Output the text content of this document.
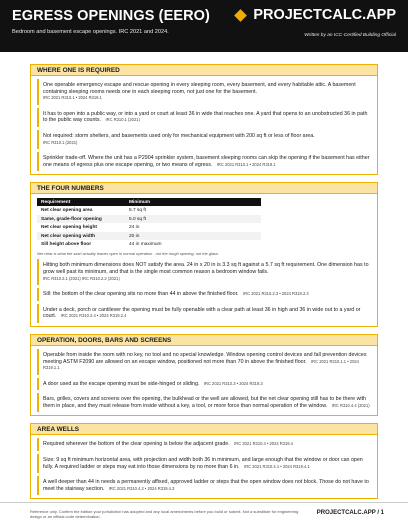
EGRESS OPENINGS (EERO)
Bedroom and basement escape openings. IRC 2021 and 2024.
PROJECTCALC.APP
Written by an ICC-Certified Building Official
WHERE ONE IS REQUIRED
One operable emergency escape and rescue opening in every sleeping room, every basement, and every habitable attic. A basement containing sleeping rooms needs one in each sleeping room, not just one for the basement.
IRC 2021 R310.1 • 2024 R319.1
It has to open into a public way, or into a yard or court at least 36 in wide that reaches one. A yard that opens to an unobstructed 36 in path to the public way counts. IRC R310.1 (2021)
Not required: storm shelters, and basements used only for mechanical equipment with 200 sq ft or less of floor area.
IRC R310.1 (2021)
Sprinkler trade-off. Where the unit has a P2904 sprinkler system, basement sleeping rooms can skip the opening if the basement has either one means of egress plus one escape opening, or two means of egress. IRC 2021 R310.1 • 2024 R319.1
THE FOUR NUMBERS
Requirement	Minimum
Net clear opening area	5.7 sq ft
Same, grade-floor opening	5.0 sq ft
Net clear opening height	24 in
Net clear opening width	20 in
Sill height above floor	44 in maximum
Net clear is what the sash actually leaves open in normal operation - not the rough opening, not the glass.
Hitting both minimum dimensions does NOT satisfy the area. 24 in x 20 in is 3.3 sq ft against a 5.7 sq ft requirement. One dimension has to grow well past its minimum, and that is the single most common reason a bedroom window fails.
IRC R310.2.1 (2021) IRC R310.2.2 (2021)
Sill: the bottom of the clear opening sits no more than 44 in above the finished floor. IRC 2021 R310.2.3 • 2024 R319.2.3
Under a deck, porch or cantilever the opening must be fully openable with a clear path at least 36 in high and 36 in wide out to a yard or court. IRC 2021 R310.2.4 • 2024 R319.2.4
OPERATION, DOORS, BARS AND SCREENS
Operable from inside the room with no key, no tool and no special knowledge. Window opening control devices and fall prevention devices meeting ASTM F2090 are allowed on an escape window, positioned not more than 70 in above the finished floor. IRC 2021 R310.1.1 • 2024 R319.1.1
A door used as the escape opening must be side-hinged or sliding. IRC 2021 R310.3 • 2024 R319.3
Bars, grilles, covers and screens over the opening, the bulkhead or the well are allowed, but the net clear opening still has to be there with them in place, and they must release from inside without a key, a tool, or more force than normal operation of the window. IRC R310.4.4 (2021)
AREA WELLS
Required wherever the bottom of the clear opening is below the adjacent grade. IRC 2021 R310.4 • 2024 R319.4
Size: 9 sq ft minimum horizontal area, with projection and width both 36 in minimum, and large enough that the window or door can open fully. A required ladder or steps may eat into those dimensions by no more than 6 in. IRC 2021 R310.4.1 • 2024 R319.4.1
A well deeper than 44 in needs a permanently affixed, approved ladder or steps that the open window does not block. Those do not have to meet the stairway section. IRC 2021 R310.4.2 • 2024 R319.4.3
Reference only. Confirm the edition your jurisdiction has adopted and any local amendments before you build or submit. Not a substitute for engineering design or an official code determination.
PROJECTCALC.APP / 1
